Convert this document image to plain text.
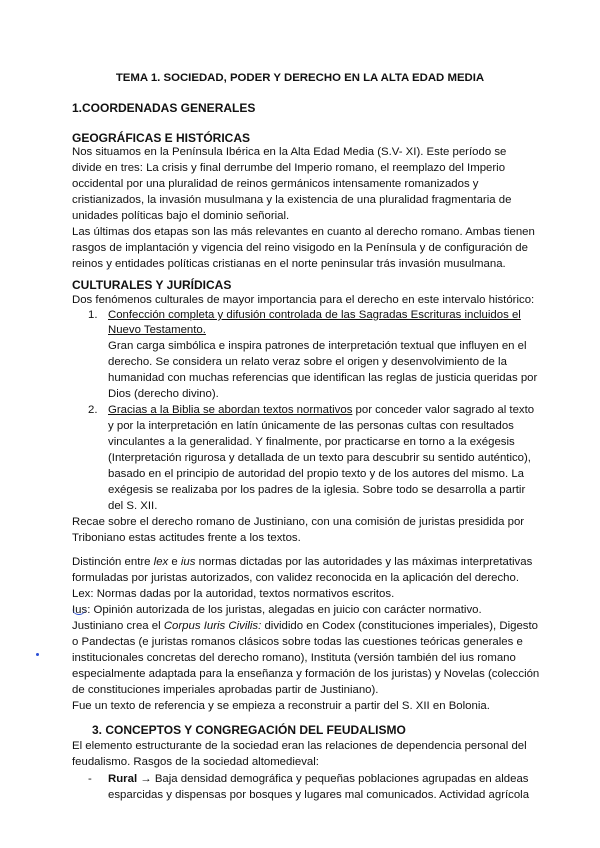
TEMA 1. SOCIEDAD, PODER Y DERECHO EN LA ALTA EDAD MEDIA
1.COORDENADAS GENERALES
GEOGRÁFICAS E HISTÓRICAS
Nos situamos en la Península Ibérica en la Alta Edad Media (S.V- XI). Este período se
divide en tres: La crisis y final derrumbe del Imperio romano, el reemplazo del Imperio
occidental por una pluralidad de reinos germánicos intensamente romanizados y
cristianizados, la invasión musulmana y la existencia de una pluralidad fragmentaria de
unidades políticas bajo el dominio señorial.
Las últimas dos etapas son las más relevantes en cuanto al derecho romano. Ambas tienen
rasgos de implantación y vigencia del reino visigodo en la Península y de configuración de
reinos y entidades políticas cristianas en el norte peninsular trás invasión musulmana.
CULTURALES Y JURÍDICAS
Dos fenómenos culturales de mayor importancia para el derecho en este intervalo histórico:
1. Confección completa y difusión controlada de las Sagradas Escrituras incluidos el
Nuevo Testamento.
Gran carga simbólica e inspira patrones de interpretación textual que influyen en el
derecho. Se considera un relato veraz sobre el origen y desenvolvimiento de la
humanidad con muchas referencias que identifican las reglas de justicia queridas por
Dios (derecho divino).
2. Gracias a la Biblia se abordan textos normativos por conceder valor sagrado al texto
y por la interpretación en latín únicamente de las personas cultas con resultados
vinculantes a la generalidad. Y finalmente, por practicarse en torno a la exégesis
(Interpretación rigurosa y detallada de un texto para descubrir su sentido auténtico),
basado en el principio de autoridad del propio texto y de los autores del mismo. La
exégesis se realizaba por los padres de la iglesia. Sobre todo se desarrolla a partir
del S. XII.
Recae sobre el derecho romano de Justiniano, con una comisión de juristas presidida por
Triboniano estas actitudes frente a los textos.
Distinción entre lex e ius normas dictadas por las autoridades y las máximas interpretativas
formuladas por juristas autorizados, con validez reconocida en la aplicación del derecho.
Lex: Normas dadas por la autoridad, textos normativos escritos.
Ius: Opinión autorizada de los juristas, alegadas en juicio con carácter normativo.
Justiniano crea el Corpus Iuris Civilis: dividido en Codex (constituciones imperiales), Digesto
o Pandectas (e juristas romanos clásicos sobre todas las cuestiones teóricas generales e
institucionales concretas del derecho romano), Instituta (versión también del ius romano
especialmente adaptada para la enseñanza y formación de los juristas) y Novelas (colección
de constituciones imperiales aprobadas partir de Justiniano).
Fue un texto de referencia y se empieza a reconstruir a partir del S. XII en Bolonia.
3. CONCEPTOS Y CONGREGACIÓN DEL FEUDALISMO
El elemento estructurante de la sociedad eran las relaciones de dependencia personal del
feudalismo. Rasgos de la sociedad altomedieval:
- Rural → Baja densidad demográfica y pequeñas poblaciones agrupadas en aldeas
esparcidas y dispensas por bosques y lugares mal comunicados. Actividad agrícola
